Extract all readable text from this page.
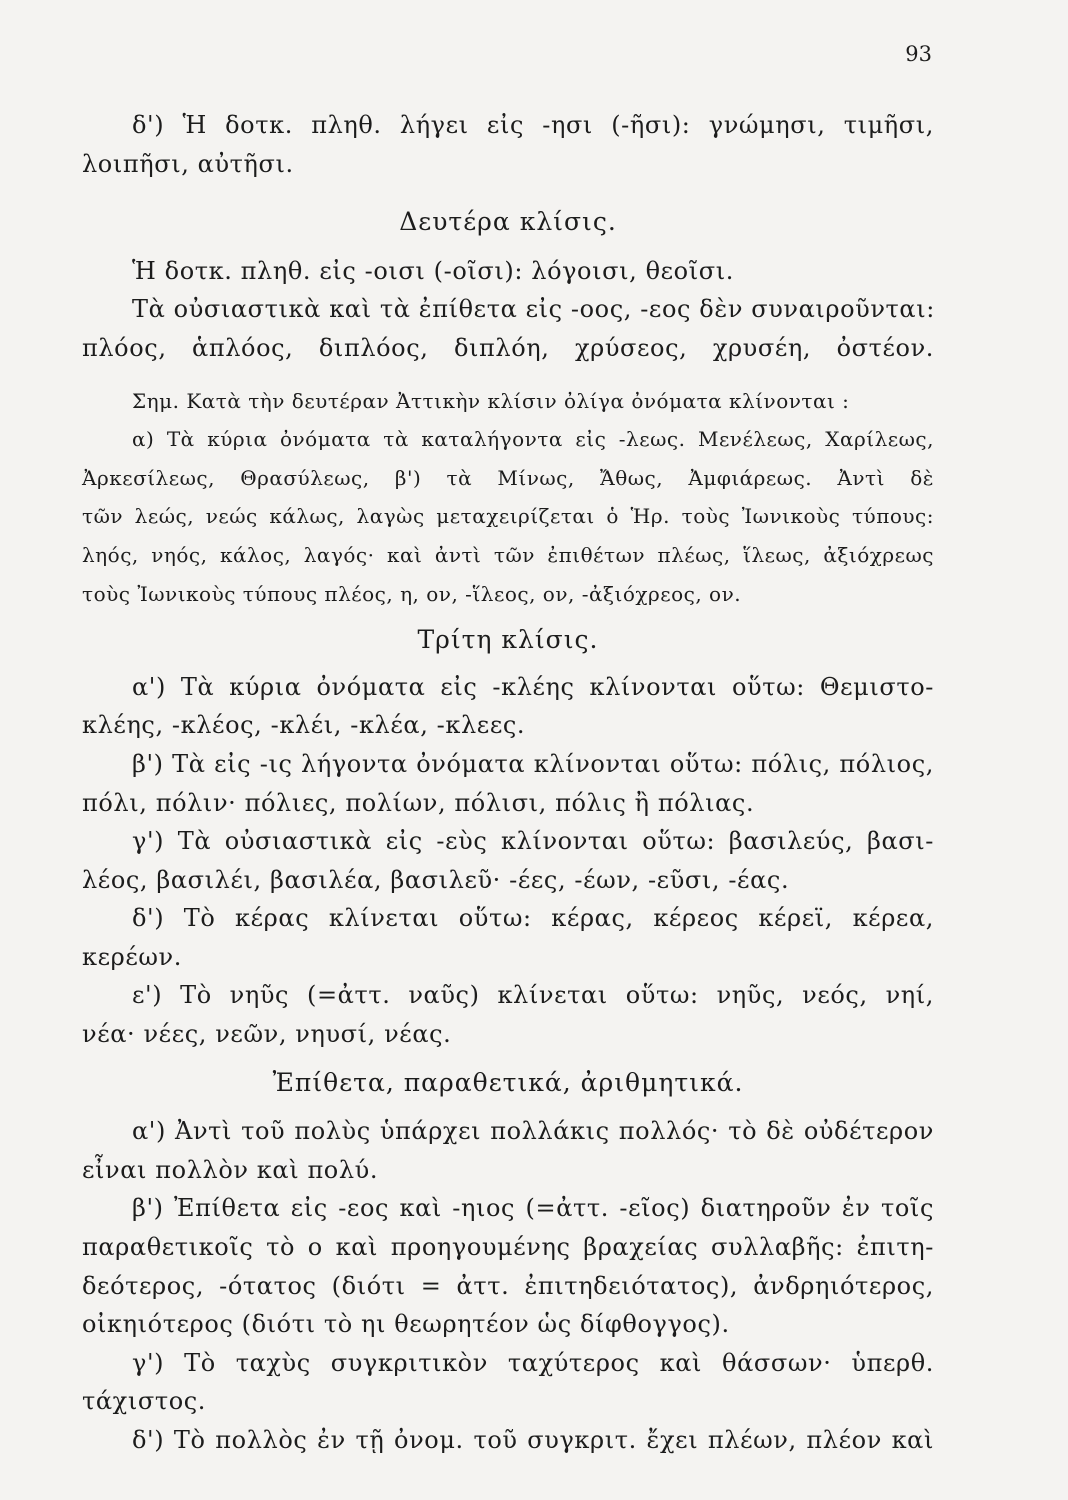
93
δ') Ἡ δοτκ. πληθ. λήγει εἰς -ησι (-ῆσι): γνώμησι, τιμῆσι,
λοιπῆσι, αὐτῆσι.
Δευτέρα κλίσις.
Ἡ δοτκ. πληθ. εἰς -οισι (-οῖσι): λόγοισι, θεοῖσι.
Τὰ οὐσιαστικὰ καὶ τὰ ἐπίθετα εἰς -οος, -εος δὲν συναιροῦνται:
πλόος, ἁπλόος, διπλόος, διπλόη, χρύσεος, χρυσέη, ὀστέον.
Σημ. Κατὰ τὴν δευτέραν Ἀττικὴν κλίσιν ὀλίγα ὀνόματα κλίνονται :
α) Τὰ κύρια ὀνόματα τὰ καταλήγοντα εἰς -λεως. Μενέλεως, Χαρίλεως,
Ἀρκεσίλεως, Θρασύλεως, β') τὰ Μίνως, Ἄθως, Ἀμφιάρεως. Ἀντὶ δὲ
τῶν λεώς, νεώς κάλως, λαγὼς μεταχειρίζεται ὁ Ἡρ. τοὺς Ἰωνικοὺς τύπους:
ληός, νηός, κάλος, λαγός· καὶ ἀντὶ τῶν ἐπιθέτων πλέως, ἵλεως, ἀξιόχρεως
τοὺς Ἰωνικοὺς τύπους πλέος, η, ον, -ἵλεος, ον, -ἀξιόχρεος, ον.
Τρίτη κλίσις.
α') Τὰ κύρια ὀνόματα εἰς -κλέης κλίνονται οὕτω: Θεμιστο-
κλέης, -κλέος, -κλέι, -κλέα, -κλεες.
β') Τὰ εἰς -ις λήγοντα ὀνόματα κλίνονται οὕτω: πόλις, πόλιος,
πόλι, πόλιν· πόλιες, πολίων, πόλισι, πόλις ἢ πόλιας.
γ') Τὰ οὐσιαστικὰ εἰς -εὺς κλίνονται οὕτω: βασιλεύς, βασι-
λέος, βασιλέι, βασιλέα, βασιλεῦ· -έες, -έων, -εῦσι, -έας.
δ') Τὸ κέρας κλίνεται οὕτω: κέρας, κέρεος κέρεϊ, κέρεα,
κερέων.
ε') Τὸ νηῦς (=ἀττ. ναῦς) κλίνεται οὕτω: νηῦς, νεός, νηί,
νέα· νέες, νεῶν, νηυσί, νέας.
Ἐπίθετα, παραθετικά, ἀριθμητικά.
α') Ἀντὶ τοῦ πολὺς ὑπάρχει πολλάκις πολλός· τὸ δὲ οὐδέτερον
εἶναι πολλὸν καὶ πολύ.
β') Ἐπίθετα εἰς -εος καὶ -ηιος (=ἀττ. -εῖος) διατηροῦν ἐν τοῖς
παραθετικοῖς τὸ ο καὶ προηγουμένης βραχείας συλλαβῆς: ἐπιτη-
δεότερος, -ότατος (διότι = ἀττ. ἐπιτηδειότατος), ἀνδρηιότερος,
οἰκηιότερος (διότι τὸ ηι θεωρητέον ὡς δίφθογγος).
γ') Τὸ ταχὺς συγκριτικὸν ταχύτερος καὶ θάσσων· ὑπερθ.
τάχιστος.
δ') Τὸ πολλὸς ἐν τῇ ὀνομ. τοῦ συγκριτ. ἔχει πλέων, πλέον καὶ
